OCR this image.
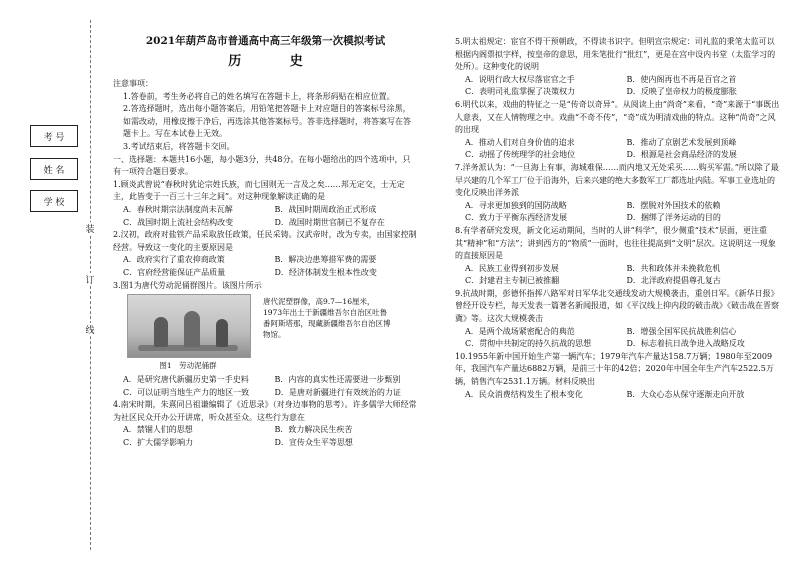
考 号
姓 名
学 校
装
订
线
2021年葫芦岛市普通高中高三年级第一次模拟考试
历 史

注意事项：

1.答卷前，考生务必将自己的姓名填写在答题卡上，将条形码贴在相应位置。

2.答选择题时，选出每小题答案后，用铅笔把答题卡上对应题目的答案标号涂黑，如需改动，用橡皮擦干净后，再选涂其他答案标号。答非选择题时，将答案写在答题卡上。写在本试卷上无效。

3.考试结束后，将答题卡交回。

一、选择题：本题共16小题，每小题3分，共48分。在每小题给出的四个选项中，只有一项符合题目要求。

1.顾炎武曾说“春秋时犹论宗姓氏族，而七国则无一言及之矣……邦无定交，士无定主，此皆变于一百三十三年之间”。对这种现象解读正确的是

A．春秋时期宗法制度尚未瓦解	B．战国时期周政治正式形成
C．战国时期上流社会结构改变	D．战国时期世官制已不复存在

2.汉初，政府对盐铁产品采取放任政策，任民采铸。汉武帝时，改为专卖，由国家控制经营。导致这一变化的主要原因是

A．政府实行了重农抑商政策	B．解决边患筹措军费的需要
C．官府经营能保证产品质量	D．经济体制发生根本性改变

3.图1为唐代劳动泥俑群图片。该图片所示

图1　劳动泥俑群
唐代泥塑群像，高9.7—16厘米，1973年出土于新疆维吾尔自治区吐鲁番阿斯塔那，现藏新疆维吾尔自治区博物馆。
A．是研究唐代新疆历史第一手史料	B．内容的真实性还需要进一步甄别
C．可以证明当地生产力的地区一致	D．是唐对新疆进行有效统治的力证

4.南宋时期，朱熹同吕祖谦编辑了《近思录》（对身边事物的思考）。许多儒学大师经常为社区民众开办公开讲席，听众甚至众。这些行为意在

A．禁锢人们的思想	B．致力解决民生疾苦
C．扩大儒学影响力	D．宣传众生平等思想

5.明太祖规定：宦官不得干预朝政，不得读书识字。但明宣宗规定：司礼监的秉笔太监可以根据内阁票拟字样，按皇帝的意思，用朱笔批行“批红”，更是在宫中设内书堂（太监学习的处所）。这种变化的说明

A．说明行政大权尽落宦官之手	B．使内阁再也不再是百官之首
C．表明司礼监掌握了决策权力	D．反映了皇帝权力的极度膨胀

6.明代以来，戏曲的特征之一是“传奇以奇异”。从阅读上由“尚奇”来看，“奇”来源于“事既出人意表，又在人情物理之中。戏曲“不奇不传”，“奇”成为明清戏曲的特点。这种“尚奇”之风的出现

A．推动人们对自身价值的追求	B．推动了京剧艺术发展到顶峰
C．动摇了传统理学的社会地位	D．根源是社会商品经济的发展

7.洋务派认为：“一旦海上有事，海城难保……而内地又无处采买……购买军需。”所以除了最早兴建的几个军工厂位于沿海外，后来兴建的绝大多数军工厂都选址内陆。军事工业选址的变化反映出洋务派

A．寻求更加独到的国防战略	B．摆脱对外国技术的依赖
C．致力于平衡东西经济发展	D．捆绑了洋务运动的目的

8.有学者研究发现，新文化运动期间，当时的人讲“科学”，很少侧重“技术”层面，更注重其“精神”和“方法”；讲到西方的“物质”一面时，也往往提高到“文明”层次。这说明这一现象的直接原因是

A．民族工业得到初步发展	B．共和政体并未挽救危机
C．封建君主专制已被推翻	D．北洋政府提倡尊孔复古

9.抗战时期，彭德怀指挥八路军对日军华北交通线发动大规模袭击，重创日军。《新华日报》曾经开设专栏，每天发表一篇著名新闻报道，如《平汉线上抑内段的破击战》《破击战在晋察冀》等。这次大规模袭击

A．是两个战场紧密配合的典范	B．增强全国军民抗战胜利信心
C．贯彻中共制定的持久抗战的思想	D．标志着抗日战争进入战略反攻

10.1955年新中国开始生产第一辆汽车；1979年汽车产量达158.7万辆；1980年至2009年，我国汽车产量达6882万辆，是前三十年的42倍；2020年中国全年生产汽车2522.5万辆，销售汽车2531.1万辆。材料反映出

A．民众消费结构发生了根本变化	B．大众心态从保守逐渐走向开放
